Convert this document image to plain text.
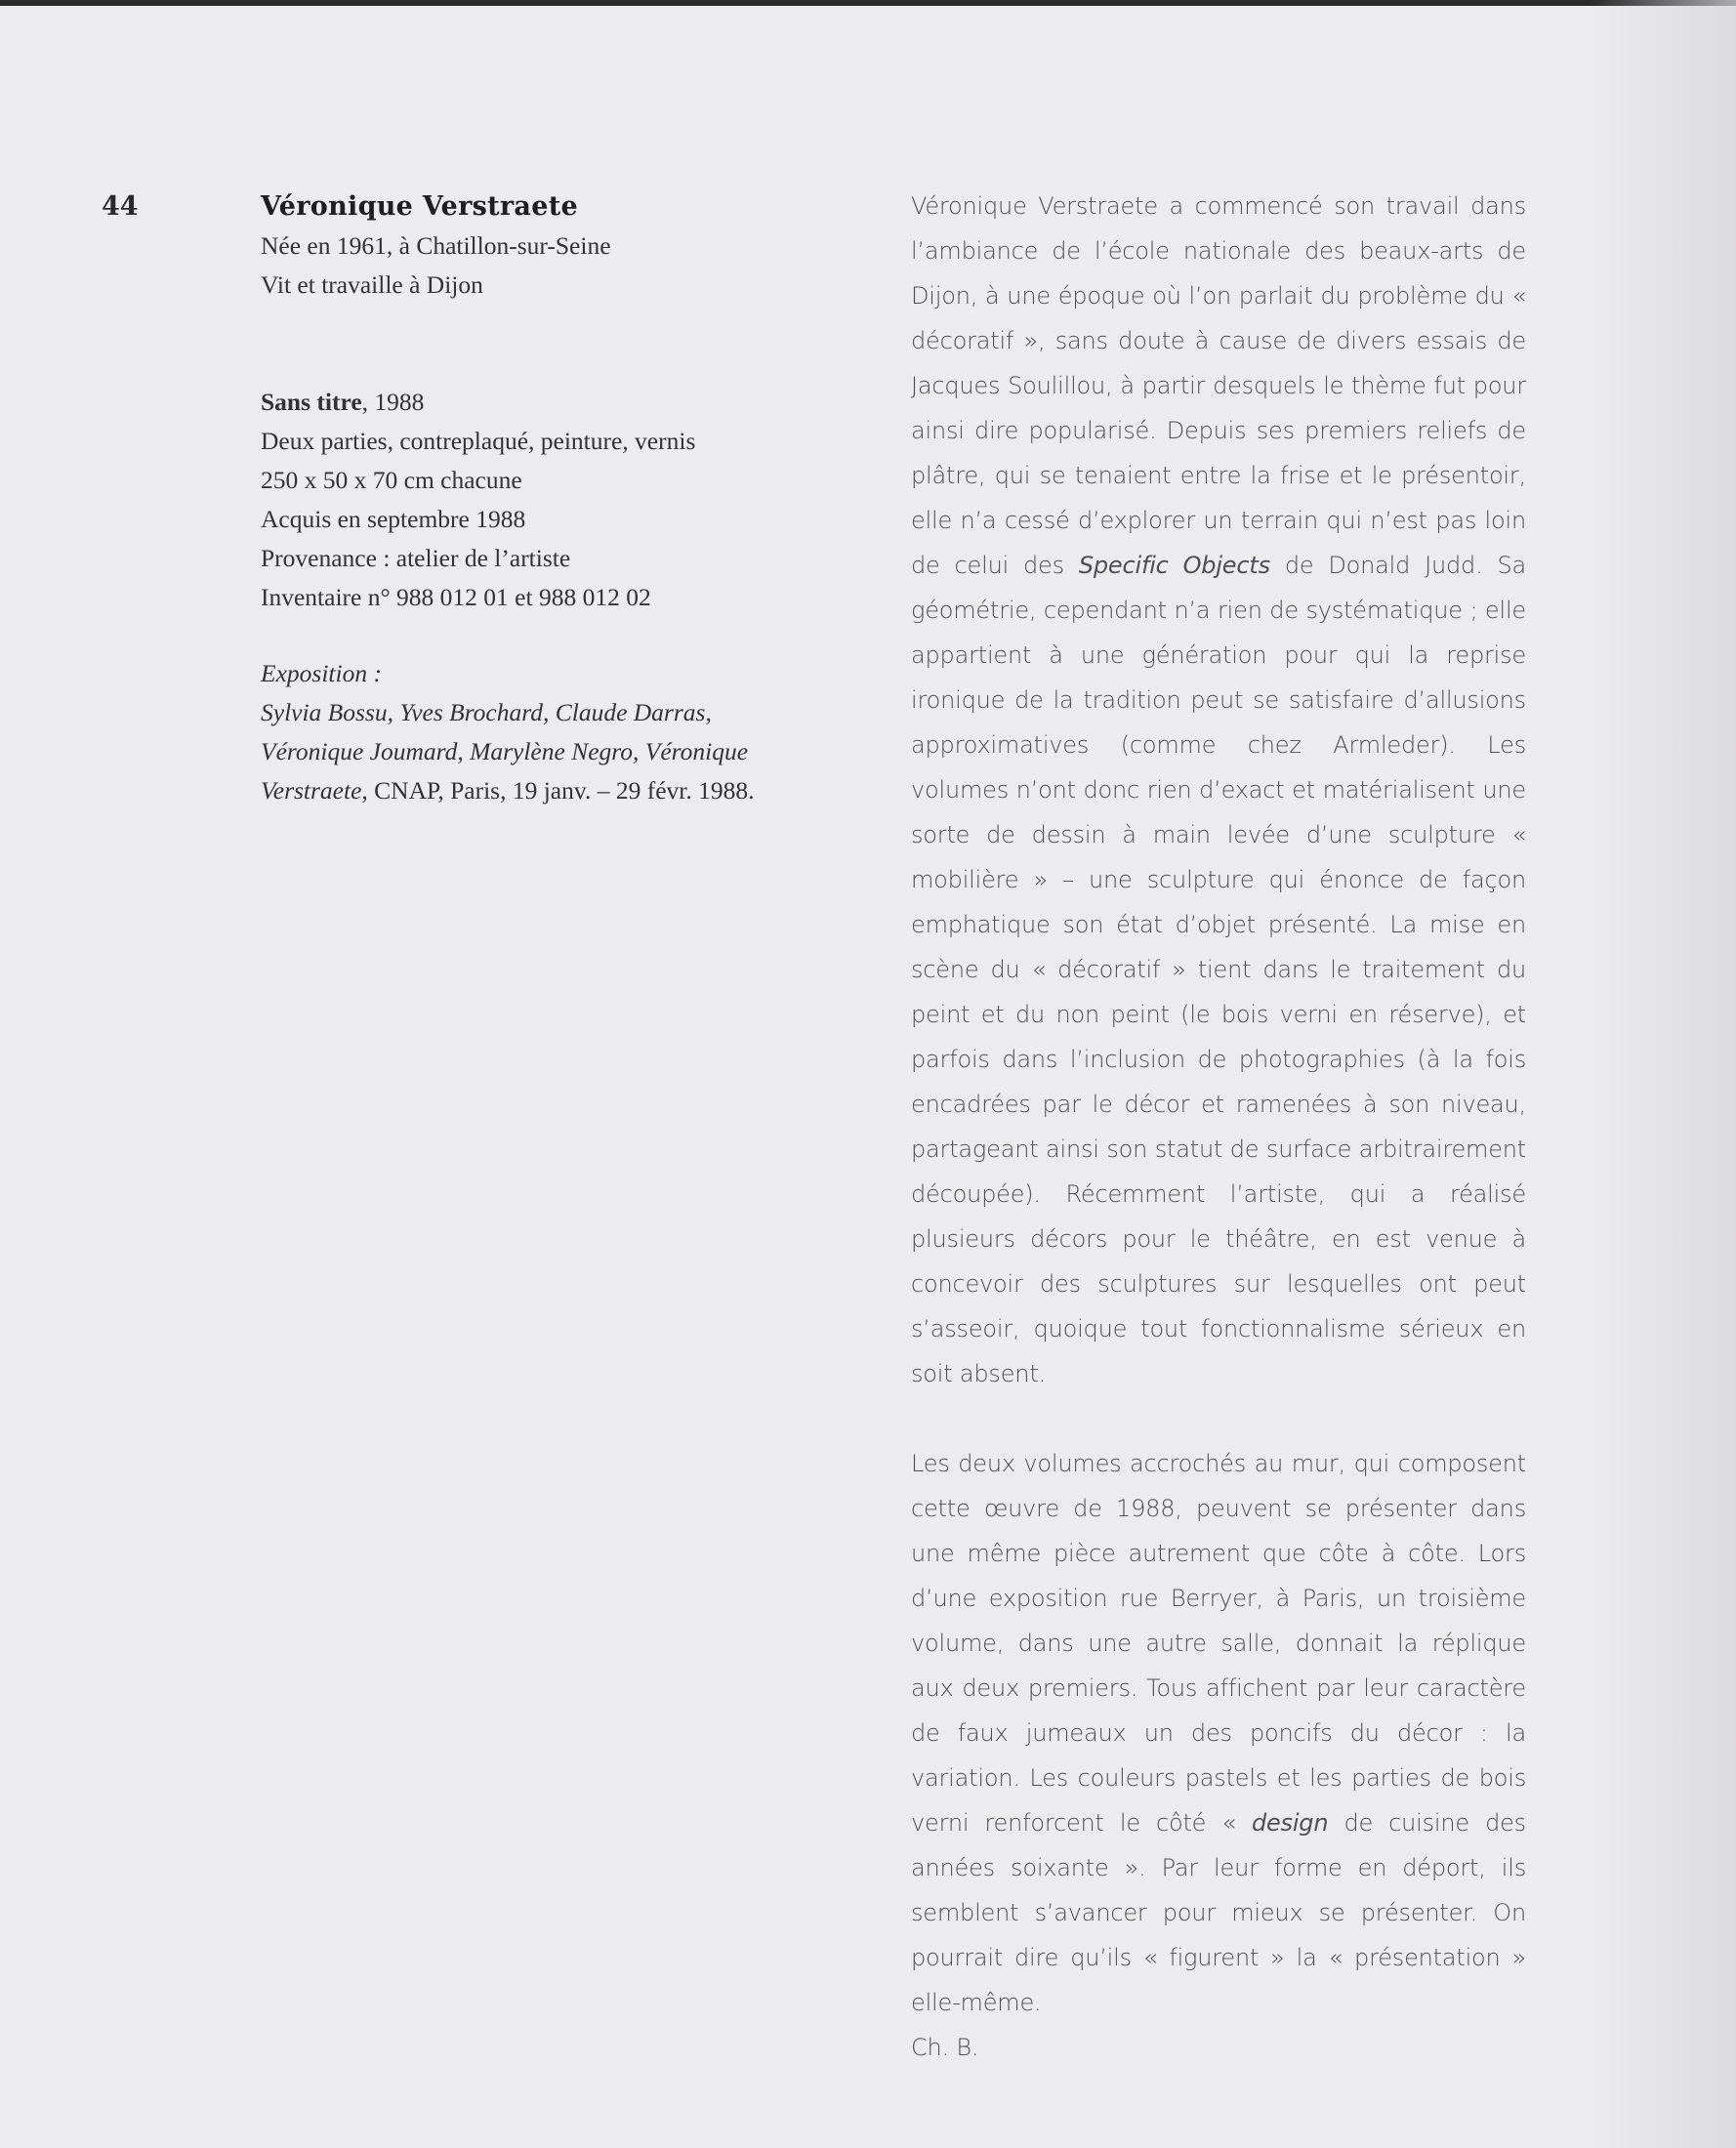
44	Véronique Verstraete
Née en 1961, à Chatillon-sur-Seine
Vit et travaille à Dijon
Sans titre, 1988
Deux parties, contreplaqué, peinture, vernis
250 x 50 x 70 cm chacune
Acquis en septembre 1988
Provenance : atelier de l’artiste
Inventaire n° 988 012 01 et 988 012 02
Exposition :
Sylvia Bossu, Yves Brochard, Claude Darras,
Véronique Joumard, Marylène Negro, Véronique
Verstraete, CNAP, Paris, 19 janv. – 29 févr. 1988.

Véronique Verstraete a commencé son travail dans l’ambiance de l’école nationale des beaux-arts de Dijon, à une époque où l’on parlait du problème du « décoratif », sans doute à cause de divers essais de Jacques Soulillou, à partir desquels le thème fut pour ainsi dire popularisé. Depuis ses premiers reliefs de plâtre, qui se tenaient entre la frise et le présentoir, elle n’a cessé d’explorer un terrain qui n’est pas loin de celui des Specific Objects de Donald Judd. Sa géométrie, cependant n’a rien de systématique ; elle appartient à une génération pour qui la reprise ironique de la tradition peut se satisfaire d’allusions approximatives (comme chez Armleder). Les volumes n’ont donc rien d’exact et matérialisent une sorte de dessin à main levée d’une sculpture « mobilière » – une sculpture qui énonce de façon emphatique son état d’objet présenté. La mise en scène du « décoratif » tient dans le traitement du peint et du non peint (le bois verni en réserve), et parfois dans l’inclusion de photographies (à la fois encadrées par le décor et ramenées à son niveau, partageant ainsi son statut de surface arbitrairement découpée). Récemment l’artiste, qui a réalisé plusieurs décors pour le théâtre, en est venue à concevoir des sculptures sur lesquelles ont peut s’asseoir, quoique tout fonctionnalisme sérieux en soit absent.

Les deux volumes accrochés au mur, qui composent cette œuvre de 1988, peuvent se présenter dans une même pièce autrement que côte à côte. Lors d’une exposition rue Berryer, à Paris, un troisième volume, dans une autre salle, donnait la réplique aux deux premiers. Tous affichent par leur caractère de faux jumeaux un des poncifs du décor : la variation. Les couleurs pastels et les parties de bois verni renforcent le côté « design de cuisine des années soixante ». Par leur forme en déport, ils semblent s’avancer pour mieux se présenter. On pourrait dire qu’ils « figurent » la « présentation » elle-même.

Ch. B.
